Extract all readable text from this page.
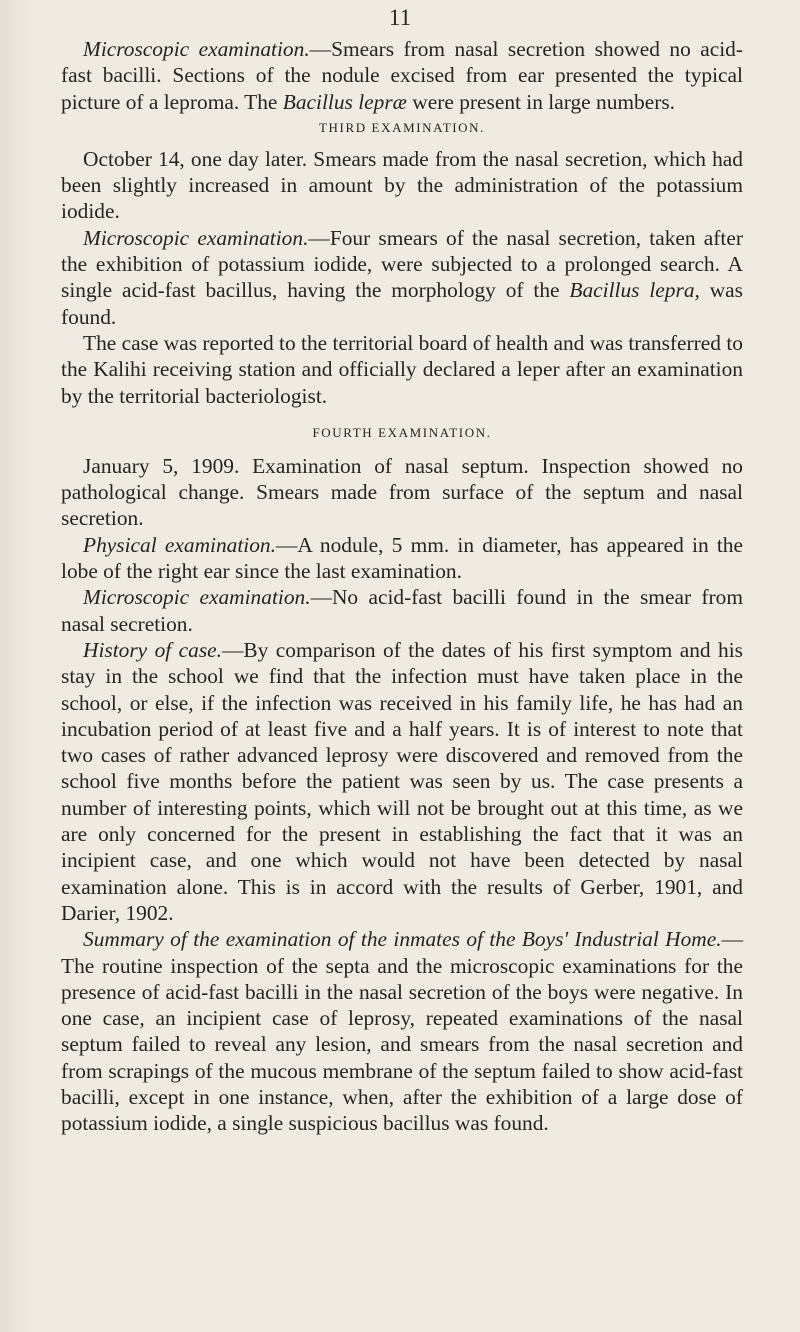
11

Microscopic examination.—Smears from nasal secretion showed no acid-fast bacilli. Sections of the nodule excised from ear presented the typical picture of a leproma. The Bacillus lepræ were present in large numbers.

THIRD EXAMINATION.

October 14, one day later. Smears made from the nasal secretion, which had been slightly increased in amount by the administration of the potassium iodide.

Microscopic examination.—Four smears of the nasal secretion, taken after the exhibition of potassium iodide, were subjected to a prolonged search. A single acid-fast bacillus, having the morphology of the Bacillus lepra, was found.

The case was reported to the territorial board of health and was transferred to the Kalihi receiving station and officially declared a leper after an examination by the territorial bacteriologist.

FOURTH EXAMINATION.

January 5, 1909. Examination of nasal septum. Inspection showed no pathological change. Smears made from surface of the septum and nasal secretion.

Physical examination.—A nodule, 5 mm. in diameter, has appeared in the lobe of the right ear since the last examination.

Microscopic examination.—No acid-fast bacilli found in the smear from nasal secretion.

History of case.—By comparison of the dates of his first symptom and his stay in the school we find that the infection must have taken place in the school, or else, if the infection was received in his family life, he has had an incubation period of at least five and a half years. It is of interest to note that two cases of rather advanced leprosy were discovered and removed from the school five months before the patient was seen by us. The case presents a number of interesting points, which will not be brought out at this time, as we are only concerned for the present in establishing the fact that it was an incipient case, and one which would not have been detected by nasal examination alone. This is in accord with the results of Gerber, 1901, and Darier, 1902.

Summary of the examination of the inmates of the Boys' Industrial Home.—The routine inspection of the septa and the microscopic examinations for the presence of acid-fast bacilli in the nasal secretion of the boys were negative. In one case, an incipient case of leprosy, repeated examinations of the nasal septum failed to reveal any lesion, and smears from the nasal secretion and from scrapings of the mucous membrane of the septum failed to show acid-fast bacilli, except in one instance, when, after the exhibition of a large dose of potassium iodide, a single suspicious bacillus was found.
